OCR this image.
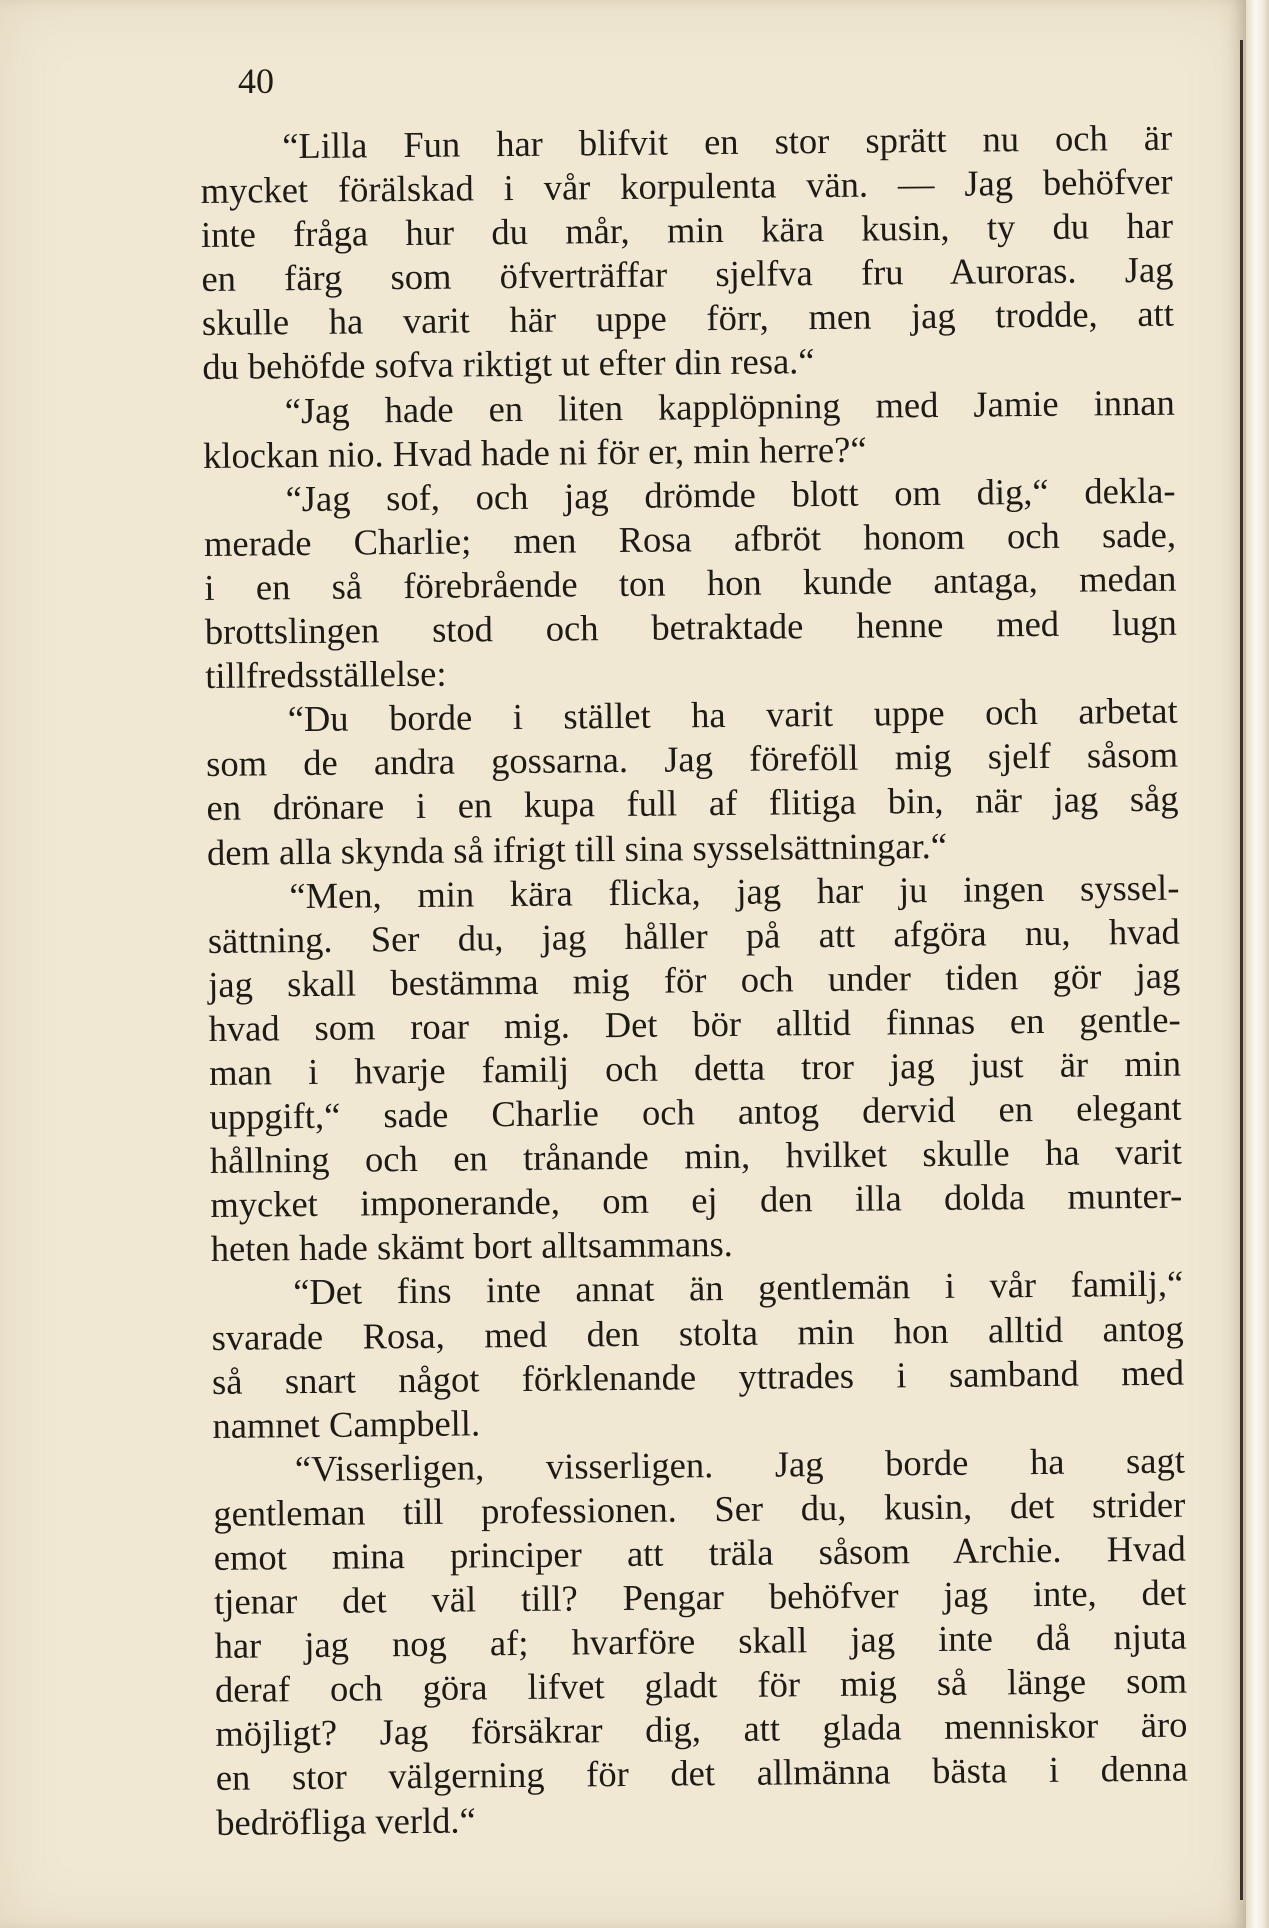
40
“Lilla Fun har blifvit en stor sprätt nu och är
mycket förälskad i vår korpulenta vän. — Jag behöfver
inte fråga hur du mår, min kära kusin, ty du har
en färg som öfverträffar sjelfva fru Auroras. Jag
skulle ha varit här uppe förr, men jag trodde, att
du behöfde sofva riktigt ut efter din resa.“
“Jag hade en liten kapplöpning med Jamie innan
klockan nio. Hvad hade ni för er, min herre?“
“Jag sof, och jag drömde blott om dig,“ dekla-
merade Charlie; men Rosa afbröt honom och sade,
i en så förebrående ton hon kunde antaga, medan
brottslingen stod och betraktade henne med lugn
tillfredsställelse:
“Du borde i stället ha varit uppe och arbetat
som de andra gossarna. Jag föreföll mig sjelf såsom
en drönare i en kupa full af flitiga bin, när jag såg
dem alla skynda så ifrigt till sina sysselsättningar.“
“Men, min kära flicka, jag har ju ingen syssel-
sättning. Ser du, jag håller på att afgöra nu, hvad
jag skall bestämma mig för och under tiden gör jag
hvad som roar mig. Det bör alltid finnas en gentle-
man i hvarje familj och detta tror jag just är min
uppgift,“ sade Charlie och antog dervid en elegant
hållning och en trånande min, hvilket skulle ha varit
mycket imponerande, om ej den illa dolda munter-
heten hade skämt bort alltsammans.
“Det fins inte annat än gentlemän i vår familj,“
svarade Rosa, med den stolta min hon alltid antog
så snart något förklenande yttrades i samband med
namnet Campbell.
“Visserligen, visserligen. Jag borde ha sagt
gentleman till professionen. Ser du, kusin, det strider
emot mina principer att träla såsom Archie. Hvad
tjenar det väl till? Pengar behöfver jag inte, det
har jag nog af; hvarföre skall jag inte då njuta
deraf och göra lifvet gladt för mig så länge som
möjligt? Jag försäkrar dig, att glada menniskor äro
en stor välgerning för det allmänna bästa i denna
bedröfliga verld.“
